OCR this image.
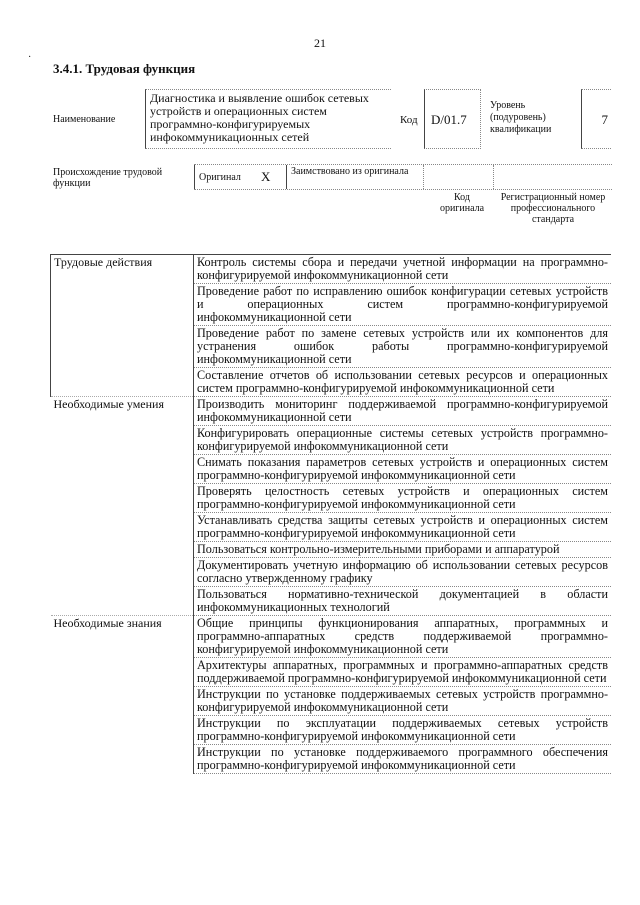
21
·
3.4.1. Трудовая функция
Наименование
Диагностика и выявление ошибок сетевых устройств и операционных систем программно-конфигурируемых инфокоммуникационных сетей
Код	D/01.7
Уровень (подуровень) квалификации
7
Происхождение трудовой функции
Оригинал X	Заимствовано из оригинала
Код оригинала
Регистрационный номер профессионального стандарта
Трудовые действия	Контроль системы сбора и передачи учетной информации на программно-конфигурируемой инфокоммуникационной сети
	Проведение работ по исправлению ошибок конфигурации сетевых устройств и операционных систем программно-конфигурируемой инфокоммуникационной сети
	Проведение работ по замене сетевых устройств или их компонентов для устранения ошибок работы программно-конфигурируемой инфокоммуникационной сети
	Составление отчетов об использовании сетевых ресурсов и операционных систем программно-конфигурируемой инфокоммуникационной сети
Необходимые умения	Производить мониторинг поддерживаемой программно-конфигурируемой инфокоммуникационной сети
	Конфигурировать операционные системы сетевых устройств программно-конфигурируемой инфокоммуникационной сети
	Снимать показания параметров сетевых устройств и операционных систем программно-конфигурируемой инфокоммуникационной сети
	Проверять целостность сетевых устройств и операционных систем программно-конфигурируемой инфокоммуникационной сети
	Устанавливать средства защиты сетевых устройств и операционных систем программно-конфигурируемой инфокоммуникационной сети
	Пользоваться контрольно-измерительными приборами и аппаратурой
	Документировать учетную информацию об использовании сетевых ресурсов согласно утвержденному графику
	Пользоваться нормативно-технической документацией в области инфокоммуникационных технологий
Необходимые знания	Общие принципы функционирования аппаратных, программных и программно-аппаратных средств поддерживаемой программно-конфигурируемой инфокоммуникационной сети
	Архитектуры аппаратных, программных и программно-аппаратных средств поддерживаемой программно-конфигурируемой инфокоммуникационной сети
	Инструкции по установке поддерживаемых сетевых устройств программно-конфигурируемой инфокоммуникационной сети
	Инструкции по эксплуатации поддерживаемых сетевых устройств программно-конфигурируемой инфокоммуникационной сети
	Инструкции по установке поддерживаемого программного обеспечения программно-конфигурируемой инфокоммуникационной сети
